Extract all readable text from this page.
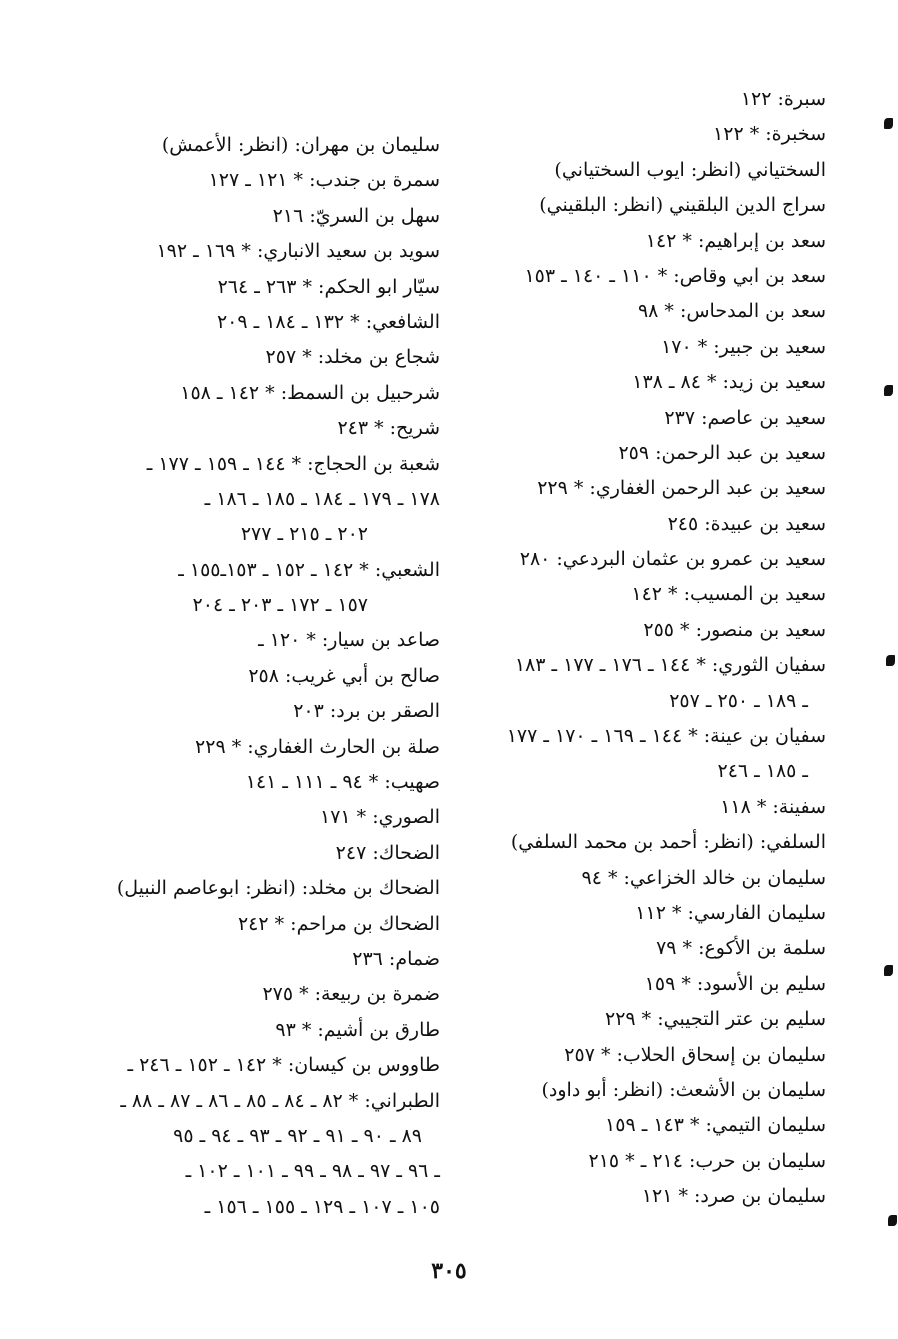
سبرة: ١٢٢
سخبرة: * ١٢٢
السختياني (انظر: ايوب السختياني)
سراج الدين البلقيني (انظر: البلقيني)
سعد بن إبراهيم: * ١٤٢
سعد بن ابي وقاص: * ١١٠ ـ ١٤٠ ـ ١٥٣
سعد بن المدحاس: * ٩٨
سعيد بن جبير: * ١٧٠
سعيد بن زيد: * ٨٤ ـ ١٣٨
سعيد بن عاصم: ٢٣٧
سعيد بن عبد الرحمن: ٢٥٩
سعيد بن عبد الرحمن الغفاري: * ٢٢٩
سعيد بن عبيدة: ٢٤٥
سعيد بن عمرو بن عثمان البردعي: ٢٨٠
سعيد بن المسيب: * ١٤٢
سعيد بن منصور: * ٢٥٥
سفيان الثوري: * ١٤٤ ـ ١٧٦ ـ ١٧٧ ـ ١٨٣
ـ ١٨٩ ـ ٢٥٠ ـ ٢٥٧
سفيان بن عينة: * ١٤٤ ـ ١٦٩ ـ ١٧٠ ـ ١٧٧
ـ ١٨٥ ـ ٢٤٦
سفينة: * ١١٨
السلفي: (انظر: أحمد بن محمد السلفي)
سليمان بن خالد الخزاعي: * ٩٤
سليمان الفارسي: * ١١٢
سلمة بن الأكوع: * ٧٩
سليم بن الأسود: * ١٥٩
سليم بن عتر التجيبي: * ٢٢٩
سليمان بن إسحاق الحلاب: * ٢٥٧
سليمان بن الأشعث: (انظر: أبو داود)
سليمان التيمي: * ١٤٣ ـ ١٥٩
سليمان بن حرب: ٢١٤ ـ * ٢١٥
سليمان بن صرد: * ١٢١
سليمان بن مهران: (انظر: الأعمش)
سمرة بن جندب: * ١٢١ ـ ١٢٧
سهل بن السريّ: ٢١٦
سويد بن سعيد الانباري: * ١٦٩ ـ ١٩٢
سيّار ابو الحكم: * ٢٦٣ ـ ٢٦٤
الشافعي: * ١٣٢ ـ ١٨٤ ـ ٢٠٩
شجاع بن مخلد: * ٢٥٧
شرحبيل بن السمط: * ١٤٢ ـ ١٥٨
شريح: * ٢٤٣
شعبة بن الحجاج: * ١٤٤ ـ ١٥٩ ـ ١٧٧ ـ
١٧٨ ـ ١٧٩ ـ ١٨٤ ـ ١٨٥ ـ ١٨٦ ـ
٢٠٢ ـ ٢١٥ ـ ٢٧٧
الشعبي: * ١٤٢ ـ ١٥٢ ـ ١٥٣ـ١٥٥ ـ
١٥٧ ـ ١٧٢ ـ ٢٠٣ ـ ٢٠٤
صاعد بن سيار: * ١٢٠ ـ
صالح بن أبي غريب: ٢٥٨
الصقر بن برد: ٢٠٣
صلة بن الحارث الغفاري: * ٢٢٩
صهيب: * ٩٤ ـ ١١١ ـ ١٤١
الصوري: * ١٧١
الضحاك: ٢٤٧
الضحاك بن مخلد: (انظر: ابوعاصم النبيل)
الضحاك بن مراحم: * ٢٤٢
ضمام: ٢٣٦
ضمرة بن ربيعة: * ٢٧٥
طارق بن أشيم: * ٩٣
طاووس بن كيسان: * ١٤٢ ـ ١٥٢ ـ ٢٤٦ ـ
الطبراني: * ٨٢ ـ ٨٤ ـ ٨٥ ـ ٨٦ ـ ٨٧ ـ ٨٨ ـ
٨٩ ـ ٩٠ ـ ٩١ ـ ٩٢ ـ ٩٣ ـ ٩٤ ـ ٩٥
ـ ٩٦ ـ ٩٧ ـ ٩٨ ـ ٩٩ ـ ١٠١ ـ ١٠٢ ـ
١٠٥ ـ ١٠٧ ـ ١٢٩ ـ ١٥٥ ـ ١٥٦ ـ
٣٠٥
